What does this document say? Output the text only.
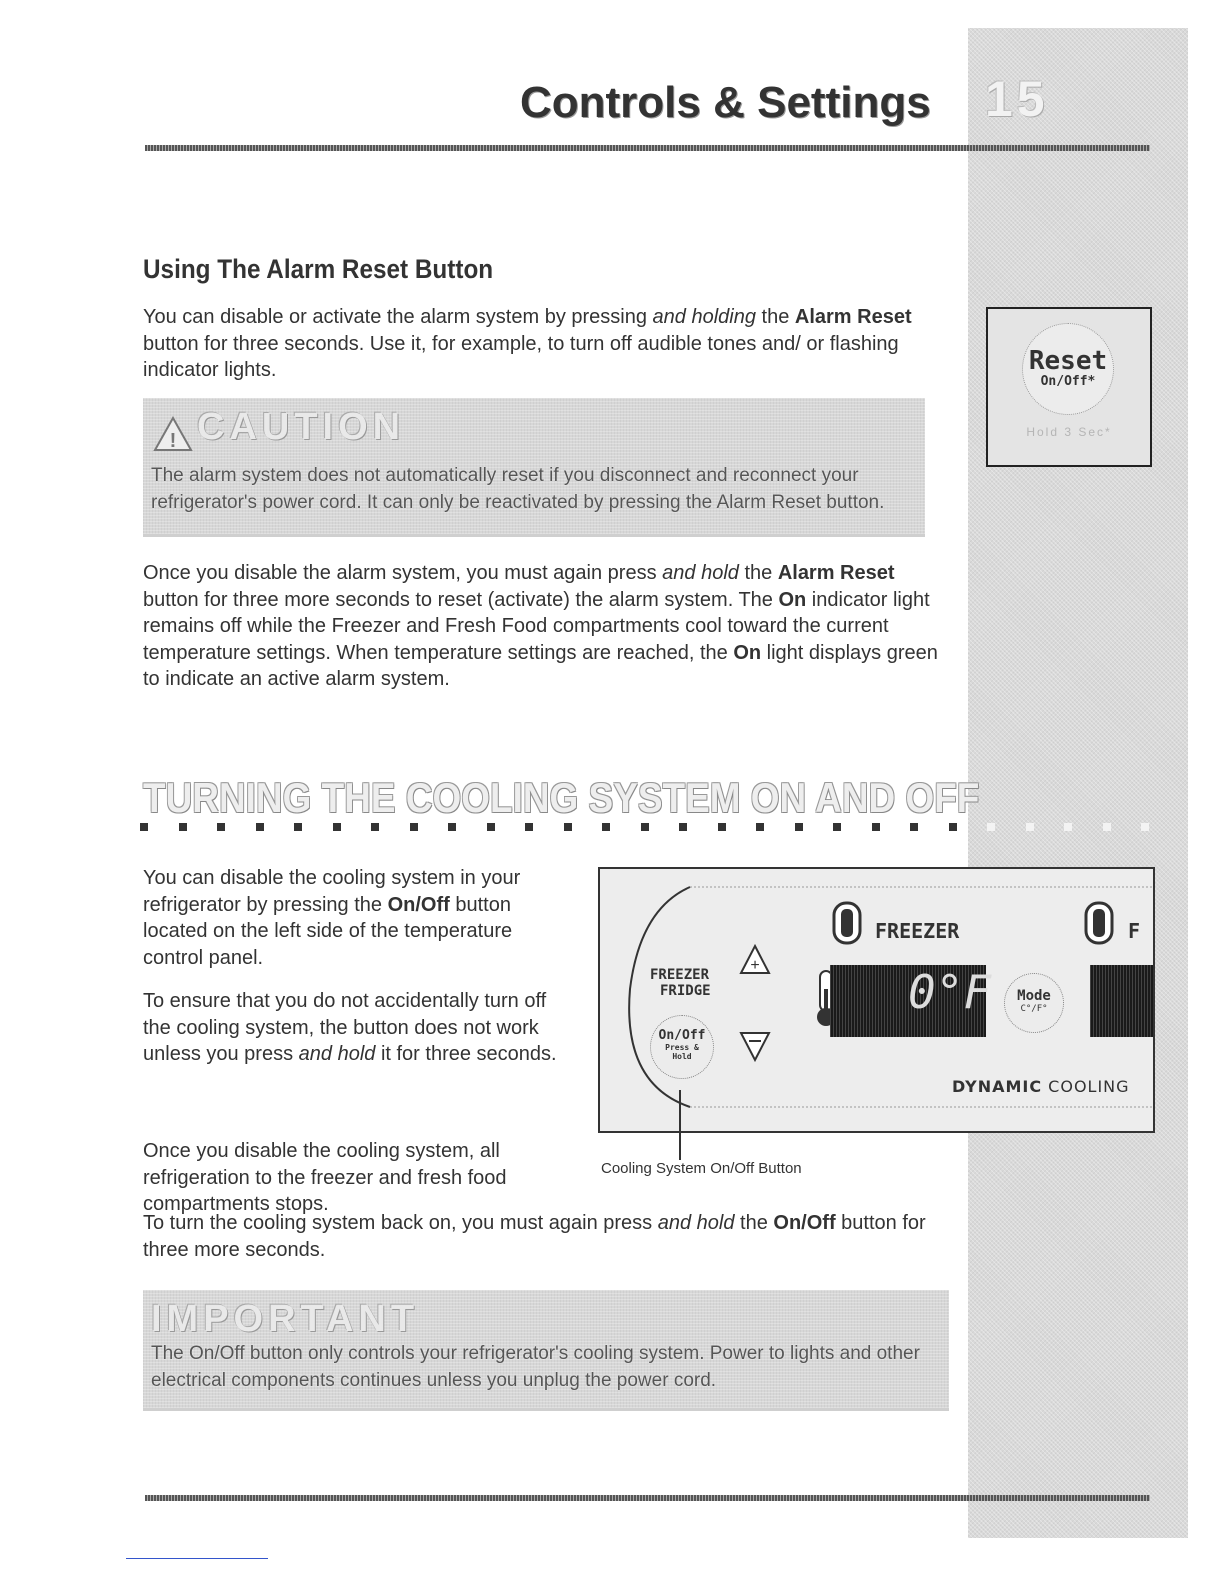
15
Controls & Settings
Reset
On/Off*
Hold 3 Sec*
Using The Alarm Reset Button
You can disable or activate the alarm system by pressing and holding the Alarm Reset button for three seconds. Use it, for example, to turn off audible tones and/ or flashing indicator lights.
! CAUTION
The alarm system does not automatically reset if you disconnect and reconnect your refrigerator's power cord. It can only be reactivated by pressing the Alarm Reset button.
Once you disable the alarm system, you must again press and hold the Alarm Reset button for three more seconds to reset (activate) the alarm system. The On indicator light remains off while the Freezer and Fresh Food compartments cool toward the current temperature settings. When temperature settings are reached, the On light displays green to indicate an active alarm system.
TURNING THE COOLING SYSTEM ON AND OFF
You can disable the cooling system in your refrigerator by pressing the On/Off button located on the left side of the temperature control panel.
To ensure that you do not accidentally turn off the cooling system, the button does not work unless you press and hold it for three seconds.
Once you disable the cooling system, all refrigeration to the freezer and fresh food compartments stops.
FREEZER	F
FREEZER
FRIDGE
+
On/Off
Press &
Hold
0°F	Mode
C°/F°
DYNAMIC COOLING
Cooling System On/Off Button
To turn the cooling system back on, you must again press and hold the On/Off button for three more seconds.
IMPORTANT
The On/Off button only controls your refrigerator's cooling system. Power to lights and other electrical components continues unless you unplug the power cord.
